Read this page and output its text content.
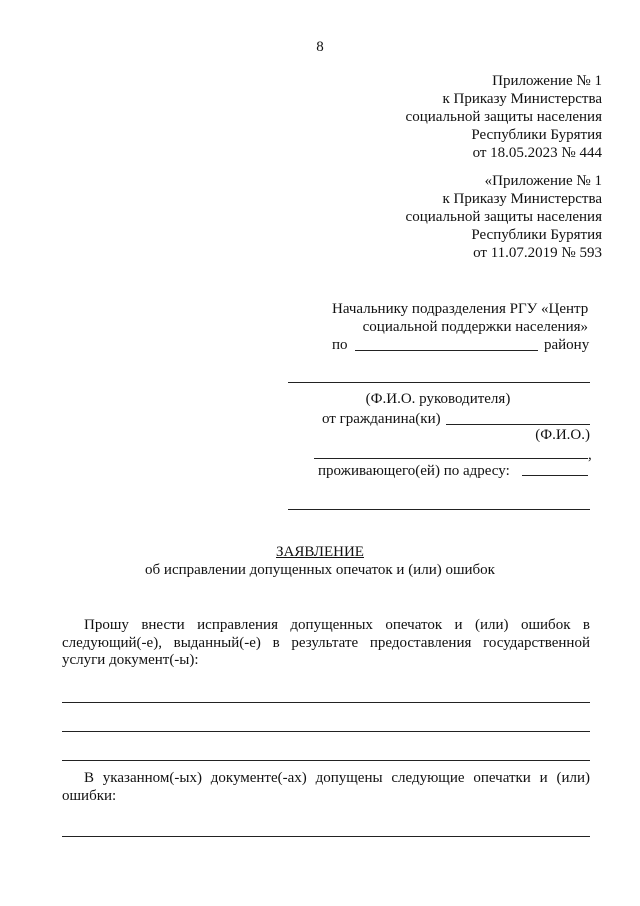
8
Приложение № 1
к Приказу Министерства
социальной защиты населения
Республики Бурятия
от 18.05.2023 № 444
«Приложение № 1
к Приказу Министерства
социальной защиты населения
Республики Бурятия
от 11.07.2019 № 593
Начальнику подразделения РГУ «Центр
социальной поддержки населения»
по	району
(Ф.И.О. руководителя)
от гражданина(ки)
(Ф.И.О.)
,
проживающего(ей) по адресу:
ЗАЯВЛЕНИЕ
об исправлении допущенных опечаток и (или) ошибок
Прошу внести исправления допущенных опечаток и (или) ошибок в следующий(-е), выданный(-е) в результате предоставления государственной услуги документ(-ы):
В указанном(-ых) документе(-ах) допущены следующие опечатки и (или) ошибки:
